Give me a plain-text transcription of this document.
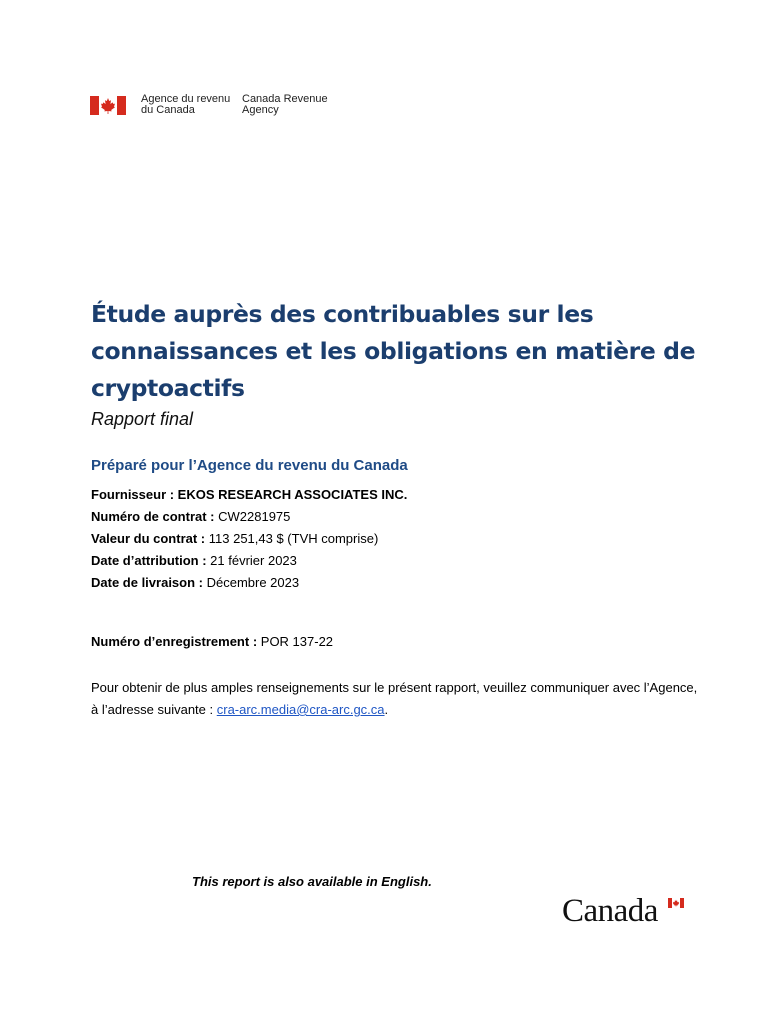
Agence du revenu
du Canada
Canada Revenue
Agency
Étude auprès des contribuables sur les connaissances et les obligations en matière de cryptoactifs
Rapport final
Préparé pour l’Agence du revenu du Canada
Fournisseur : EKOS RESEARCH ASSOCIATES INC.
Numéro de contrat : CW2281975
Valeur du contrat : 113 251,43 $ (TVH comprise)
Date d’attribution : 21 février 2023
Date de livraison : Décembre 2023
Numéro d’enregistrement : POR 137-22
Pour obtenir de plus amples renseignements sur le présent rapport, veuillez communiquer avec l’Agence, à l’adresse suivante : cra-arc.media@cra-arc.gc.ca.
This report is also available in English.
Canada
